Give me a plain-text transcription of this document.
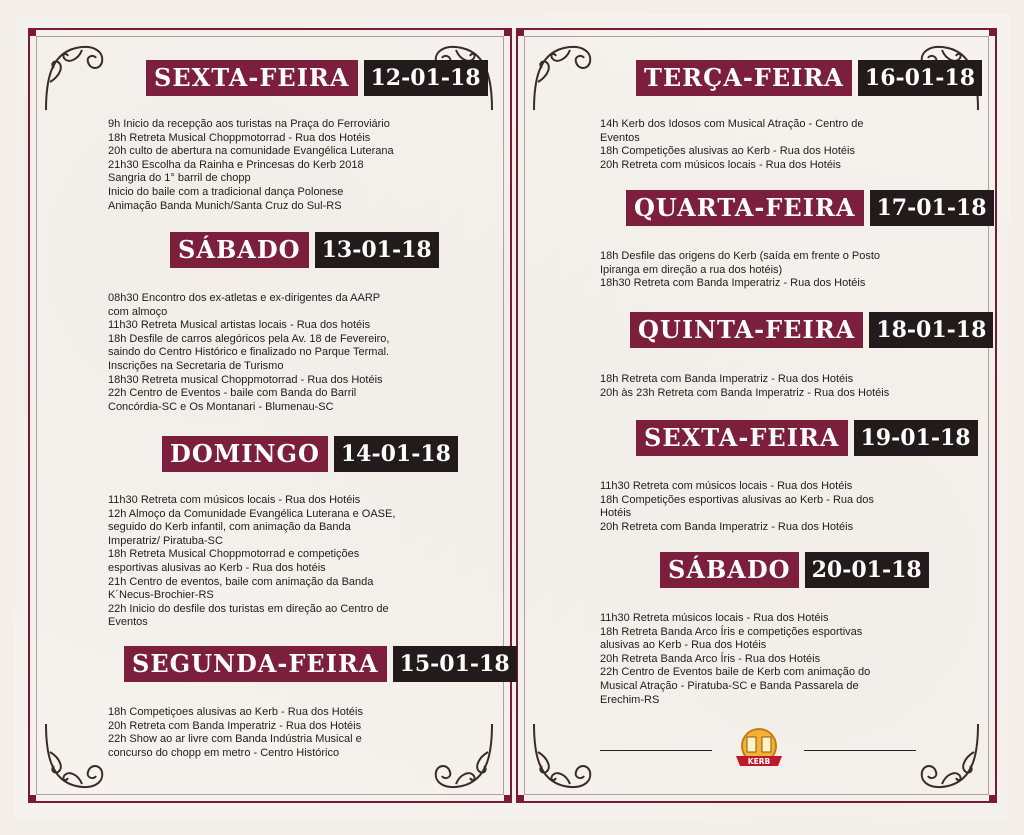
SEXTA-FEIRA 12-01-18
9h Inicio da recepção aos turistas na Praça do Ferroviário
18h Retreta Musical Choppmotorrad - Rua dos Hotéis
20h culto de abertura na comunidade Evangélica Luterana
21h30 Escolha da Rainha e Princesas do Kerb 2018
Sangria do 1° barril de chopp
Inicio do baile com a tradicional dança Polonese
Animação Banda Munich/Santa Cruz do Sul-RS
SÁBADO 13-01-18
08h30 Encontro dos ex-atletas e ex-dirigentes da AARP
com almoço
11h30 Retreta Musical artistas locais - Rua dos hotéis
18h Desfile de carros alegóricos pela Av. 18 de Fevereiro,
saindo do Centro Histórico e finalizado no Parque Termal.
Inscrições na Secretaria de Turismo
18h30 Retreta musical Choppmotorrad - Rua dos Hotéis
22h Centro de Eventos - baile com Banda do Barril
Concórdia-SC e Os Montanari - Blumenau-SC
DOMINGO 14-01-18
11h30 Retreta com músicos locais - Rua dos Hotéis
12h Almoço da Comunidade Evangélica Luterana e OASE,
seguido do Kerb infantil, com animação da Banda
Imperatriz/ Piratuba-SC
18h Retreta Musical Choppmotorrad e competições
esportivas alusivas ao Kerb - Rua dos hotéis
21h Centro de eventos, baile com animação da Banda
K´Necus-Brochier-RS
22h Inicio do desfile dos turistas em direção ao Centro de
Eventos
SEGUNDA-FEIRA 15-01-18
18h Competiçoes alusivas ao Kerb - Rua dos Hotéis
20h Retreta com Banda Imperatriz - Rua dos Hotéis
22h Show ao ar livre com Banda Indústria Musical e
concurso do chopp em metro - Centro Histórico
TERÇA-FEIRA 16-01-18
14h Kerb dos Idosos com Musical Atração - Centro de
Eventos
18h Competições alusivas ao Kerb - Rua dos Hotéis
20h Retreta com músicos locais - Rua dos Hotéis
QUARTA-FEIRA 17-01-18
18h Desfile das origens do Kerb (saída em frente o Posto
Ipiranga em direção a rua dos hotéis)
18h30 Retreta com Banda Imperatriz - Rua dos Hotéis
QUINTA-FEIRA 18-01-18
18h Retreta com Banda Imperatriz - Rua dos Hotéis
20h às 23h Retreta com Banda Imperatriz - Rua dos Hotéis
SEXTA-FEIRA 19-01-18
11h30 Retreta com músicos locais - Rua dos Hotéis
18h Competições esportivas alusivas ao Kerb - Rua dos
Hotéis
20h Retreta com Banda Imperatriz - Rua dos Hotéis
SÁBADO 20-01-18
11h30 Retreta músicos locais - Rua dos Hotéis
18h Retreta Banda Arco Íris e competições esportivas
alusivas ao Kerb - Rua dos Hotéis
20h Retreta Banda Arco Íris - Rua dos Hotéis
22h Centro de Eventos baile de Kerb com animação do
Musical Atração - Piratuba-SC e Banda Passarela de
Erechim-RS
KERB
